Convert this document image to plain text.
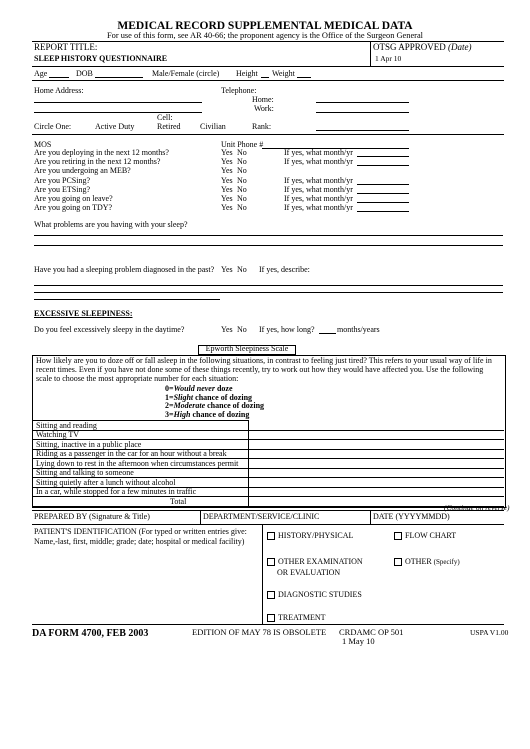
MEDICAL RECORD SUPPLEMENTAL MEDICAL DATA
For use of this form, see AR 40-66; the proponent agency is the Office of the Surgeon General
REPORT TITLE:
SLEEP HISTORY QUESTIONNAIRE
OTSG APPROVED (Date)
1 Apr 10
Age	DOB	Male/Female (circle) Height Weight
Home Address:	Telephone:
Home:
Work:
Cell:
Circle One:	Active Duty	Retired Civilian	Rank:
MOS	Unit Phone #
Are you deploying in the next 12 months?	Yes No	If yes, what month/yr
Are you retiring in the next 12 months?	Yes No	If yes, what month/yr
Are you undergoing an MEB?	Yes No
Are you PCSing?	Yes No	If yes, what month/yr
Are you ETSing?	Yes No	If yes, what month/yr
Are you going on leave?	Yes No	If yes, what month/yr
Are you going on TDY?	Yes No	If yes, what month/yr
What problems are you having with your sleep?
Have you had a sleeping problem diagnosed in the past? Yes No If yes, describe:
EXCESSIVE SLEEPINESS:
Do you feel excessively sleepy in the daytime?	Yes No If yes, how long?	months/years
Epworth Sleepiness Scale
How likely are you to doze off or fall asleep in the following situations, in contrast to feeling just tired? This refers to your usual way of life in recent times. Even if you have not done some of these things recently, try to work out how they would have affected you. Use the following scale to choose the most appropriate number for each situation:
0=Would never doze
1=Slight chance of dozing
2=Moderate chance of dozing
3=High chance of dozing
Sitting and reading
Watching TV
Sitting, inactive in a public place
Riding as a passenger in the car for an hour without a break
Lying down to rest in the afternoon when circumstances permit
Sitting and talking to someone
Sitting quietly after a lunch without alcohol
In a car, while stopped for a few minutes in traffic
Total
(Continue on reverse)
PREPARED BY (Signature & Title)	DEPARTMENT/SERVICE/CLINIC	DATE (YYYYMMDD)
PATIENT'S IDENTIFICATION (For typed or written entries give: Name,-last, first, middle; grade; date; hospital or medical facility)
HISTORY/PHYSICAL	FLOW CHART
OTHER EXAMINATION
OR EVALUATION
OTHER (Specify)
DIAGNOSTIC STUDIES
TREATMENT
DA FORM 4700, FEB 2003	EDITION OF MAY 78 IS OBSOLETE CRDAMC OP 501
1 May 10
USPA V1.00
